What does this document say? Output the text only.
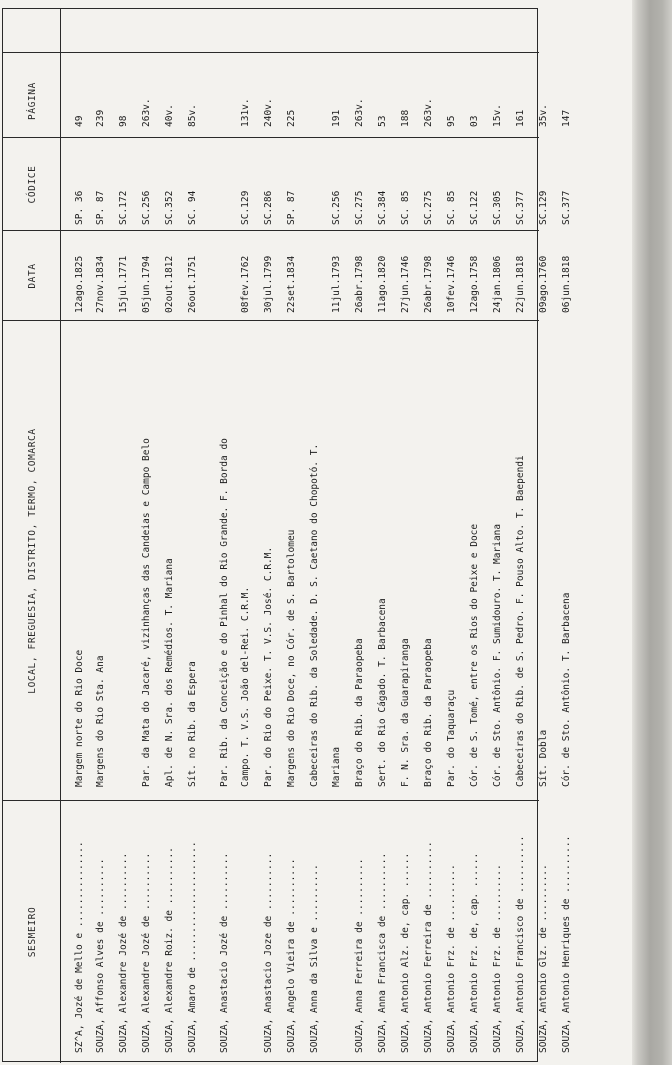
SESMEIRO
LOCAL, FREGUESIA, DISTRITO, TERMO, COMARCA
DATA
CÓDICE
PÁGINA
SZ^A, Jozé de Mello e ...............
Margem norte do Rio Doce
12ago.1825
SP. 36
49
SOUZA, Affonso Alves de ..........
Margens do Rio Sta. Ana
27nov.1834
SP. 87
239
SOUZA, Alexandre Jozé de ..........
15jul.1771
SC.172
98
SOUZA, Alexandre Jozé de ..........
Par. da Mata do Jacaré, vizinhanças das Candeias e Campo Belo
05jun.1794
SC.256
263v.
SOUZA, Alexandre Roiz. de ..........
Apl. de N. Sra. dos Remédios. T. Mariana
02out.1812
SC.352
40v.
SOUZA, Amaro de .....................
Sít. no Rib. da Espera
26out.1751
SC. 94
85v.
SOUZA, Anastacio Jozé de ..........
Par. Rib. da Conceição e do Pinhal do Rio Grande. F. Borda do	Campo. T. V.S. João del-Rei. C.R.M.
08fev.1762
SC.129
131v.
SOUZA, Anastacio Joze de ..........
Par. do Rio do Peixe. T. V.S. José. C.R.M.
30jul.1799
SC.286
240v.
SOUZA, Angelo Vieira de ..........
Margens do Rio Doce, no Cór. de S. Bartolomeu
22set.1834
SP. 87
225
SOUZA, Anna da Silva e ..........
Cabeceiras do Rib. da Soledade. D. S. Caetano do Chopotó. T.	Mariana
11jul.1793
SC.256
191
SOUZA, Anna Ferreira de ..........
Braço do Rib. da Paraopeba
26abr.1798
SC.275
263v.
SOUZA, Anna Francisca de ..........
Sert. do Rio Cágado. T. Barbacena
11ago.1820
SC.384
53
SOUZA, Antonio Alz. de, cap. ......
F. N. Sra. da Guarapiranga
27jun.1746
SC. 85
188
SOUZA, Antonio Ferreira de ..........
Braço do Rib. da Paraopeba
26abr.1798
SC.275
263v.
SOUZA, Antonio Frz. de ..........
Par. do Taquaraçu
10fev.1746
SC. 85
95
SOUZA, Antonio Frz. de, cap. ......
Cór. de S. Tomé, entre os Rios do Peixe e Doce
12ago.1758
SC.122
03
SOUZA, Antonio Frz. de ..........
Cór. de Sto. Antônio. F. Sumidouro. T. Mariana
24jan.1806
SC.305
15v.
SOUZA, Antonio Francisco de ..........
Cabeceiras do Rib. de S. Pedro. F. Pouso Alto. T. Baependi
22jun.1818
SC.377
161
SOUZA, Antonio Glz. de ..........
Sít. Dobla
09ago.1760
SC.129
35v.
SOUZA, Antonio Henriques de ..........
Cór. de Sto. Antônio. T. Barbacena
06jun.1818
SC.377
147
